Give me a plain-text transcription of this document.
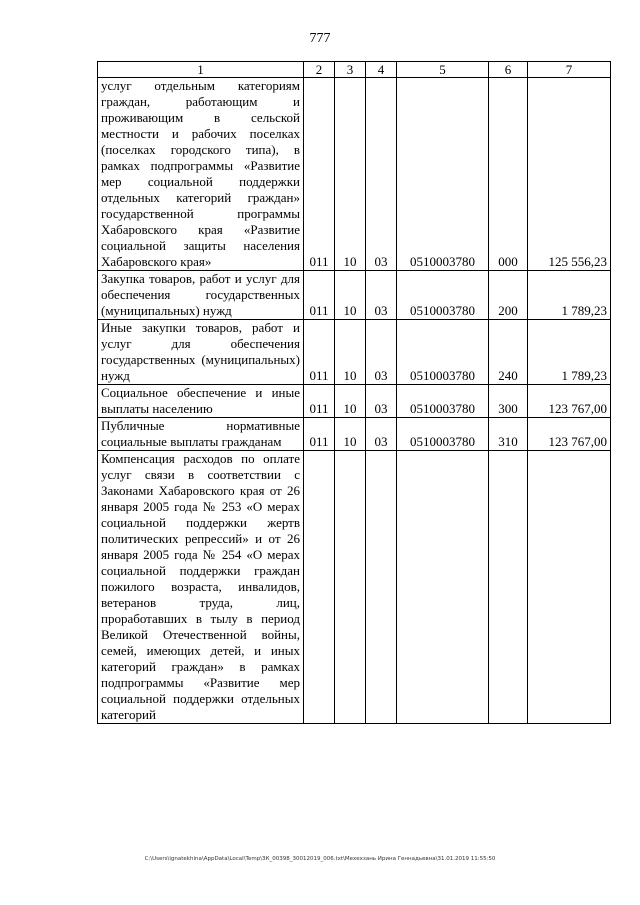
777
1	2	3	4	5	6	7
услуг отдельным категориям граждан, работающим и проживающим в сельской местности и рабочих поселках (поселках городского типа), в рамках подпрограммы «Развитие мер социальной поддержки отдельных категорий граждан» государственной программы Хабаровского края «Развитие социальной защиты населения Хабаровского края»	011	10	03	0510003780	000	125 556,23
Закупка товаров, работ и услуг для обеспечения государственных (муниципальных) нужд	011	10	03	0510003780	200	1 789,23
Иные закупки товаров, работ и услуг для обеспечения государственных (муниципальных) нужд	011	10	03	0510003780	240	1 789,23
Социальное обеспечение и иные выплаты населению	011	10	03	0510003780	300	123 767,00
Публичные нормативные социальные выплаты гражданам	011	10	03	0510003780	310	123 767,00
Компенсация расходов по оплате услуг связи в соответствии с Законами Хабаровского края от 26 января 2005 года № 253 «О мерах социальной поддержки жертв политических репрессий» и от 26 января 2005 года № 254 «О мерах социальной поддержки граждан пожилого возраста, инвалидов, ветеранов труда, лиц, проработавших в тылу в период Великой Отечественной войны, семей, имеющих детей, и иных категорий граждан» в рамках подпрограммы «Развитие мер социальной поддержки отдельных категорий						
C:\Users\ignatekhina\AppData\Local\Temp\ЗК_00398_30012019_006.txt\Мехехзань Ирина Геннадьевна\31.01.2019 11:55:50
